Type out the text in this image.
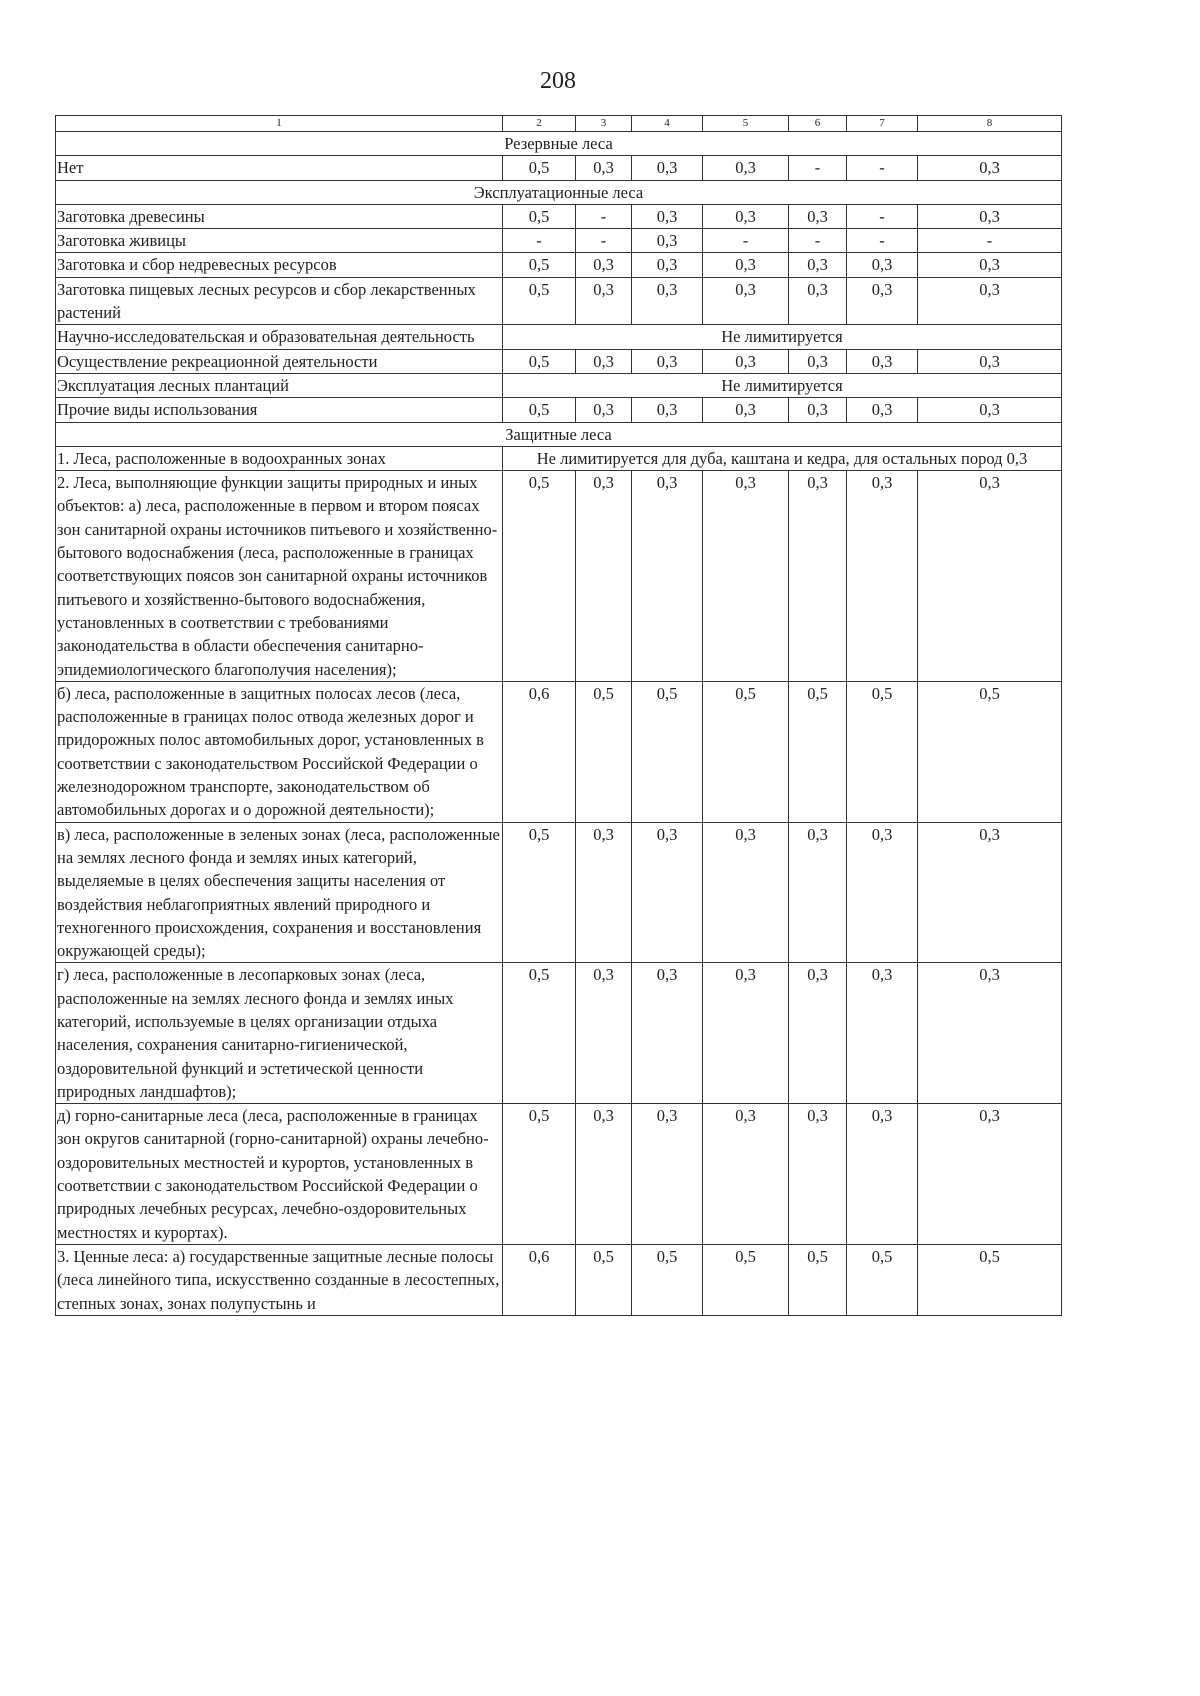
208
1	2	3	4	5	6	7	8
Резервные леса							
Нет	0,5	0,3	0,3	0,3	-	-	0,3
Эксплуатационные леса							
Заготовка древесины	0,5	-	0,3	0,3	0,3	-	0,3
Заготовка живицы	-	-	0,3	-	-	-	-
Заготовка и сбор недревесных ресурсов	0,5	0,3	0,3	0,3	0,3	0,3	0,3
Заготовка пищевых лесных ресурсов и сбор лекарственных растений	0,5	0,3	0,3	0,3	0,3	0,3	0,3
Научно-исследовательская и образовательная деятельность	Не лимитируется						
Осуществление рекреационной деятельности	0,5	0,3	0,3	0,3	0,3	0,3	0,3
Эксплуатация лесных плантаций	Не лимитируется						
Прочие виды использования	0,5	0,3	0,3	0,3	0,3	0,3	0,3
Защитные леса							
1. Леса, расположенные в водоохранных зонах	Не лимитируется для дуба, каштана и кедра, для остальных пород 0,3						
2. Леса, выполняющие функции защиты природных и иных объектов: а) леса, расположенные в первом и втором поясах зон санитарной охраны источников питьевого и хозяйственно-бытового водоснабжения (леса, расположенные в границах соответствующих поясов зон санитарной охраны источников питьевого и хозяйственно-бытового водоснабжения, установленных в соответствии с требованиями законодательства в области обеспечения санитарно-эпидемиологического благополучия населения);	0,5	0,3	0,3	0,3	0,3	0,3	0,3
б) леса, расположенные в защитных полосах лесов (леса, расположенные в границах полос отвода железных дорог и придорожных полос автомобильных дорог, установленных в соответствии с законодательством Российской Федерации о железнодорожном транспорте, законодательством об автомобильных дорогах и о дорожной деятельности);	0,6	0,5	0,5	0,5	0,5	0,5	0,5
в) леса, расположенные в зеленых зонах (леса, расположенные на землях лесного фонда и землях иных категорий, выделяемые в целях обеспечения защиты населения от воздействия неблагоприятных явлений природного и техногенного происхождения, сохранения и восстановления окружающей среды);	0,5	0,3	0,3	0,3	0,3	0,3	0,3
г) леса, расположенные в лесопарковых зонах (леса, расположенные на землях лесного фонда и землях иных категорий, используемые в целях организации отдыха населения, сохранения санитарно-гигиенической, оздоровительной функций и эстетической ценности природных ландшафтов);	0,5	0,3	0,3	0,3	0,3	0,3	0,3
д) горно-санитарные леса (леса, расположенные в границах зон округов санитарной (горно-санитарной) охраны лечебно-оздоровительных местностей и курортов, установленных в соответствии с законодательством Российской Федерации о природных лечебных ресурсах, лечебно-оздоровительных местностях и курортах).	0,5	0,3	0,3	0,3	0,3	0,3	0,3
3. Ценные леса: а) государственные защитные лесные полосы (леса линейного типа, искусственно созданные в лесостепных, степных зонах, зонах полупустынь и	0,6	0,5	0,5	0,5	0,5	0,5	0,5
